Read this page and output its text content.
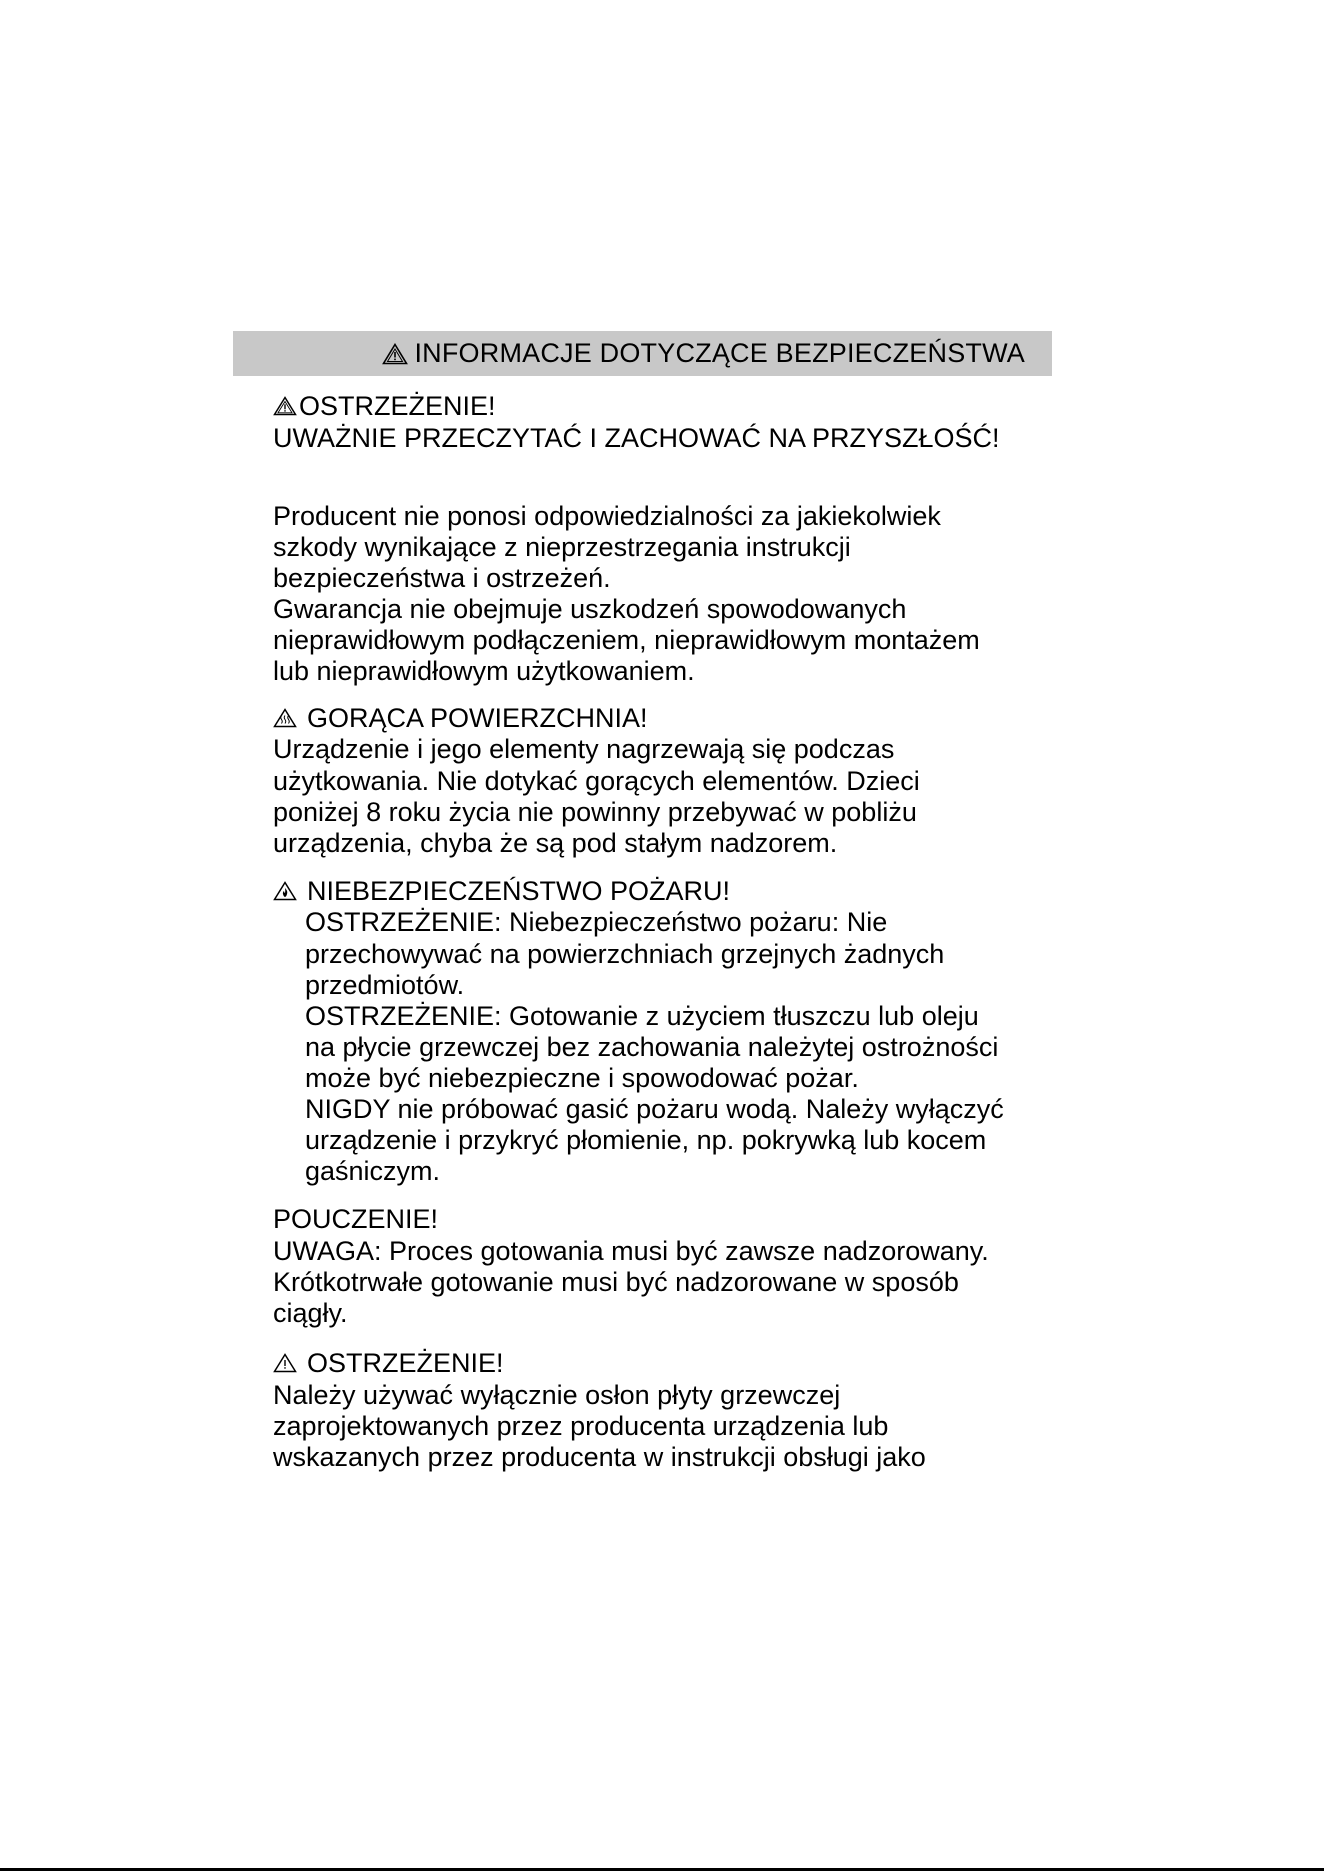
INFORMACJE DOTYCZĄCE BEZPIECZEŃSTWA
OSTRZEŻENIE!
UWAŻNIE PRZECZYTAĆ I ZACHOWAĆ NA PRZYSZŁOŚĆ!
Producent nie ponosi odpowiedzialności za jakiekolwiek
szkody wynikające z nieprzestrzegania instrukcji
bezpieczeństwa i ostrzeżeń.
Gwarancja nie obejmuje uszkodzeń spowodowanych
nieprawidłowym podłączeniem, nieprawidłowym montażem
lub nieprawidłowym użytkowaniem.
GORĄCA POWIERZCHNIA!
Urządzenie i jego elementy nagrzewają się podczas
użytkowania. Nie dotykać gorących elementów. Dzieci
poniżej 8 roku życia nie powinny przebywać w pobliżu
urządzenia, chyba że są pod stałym nadzorem.
NIEBEZPIECZEŃSTWO POŻARU!
OSTRZEŻENIE: Niebezpieczeństwo pożaru: Nie
przechowywać na powierzchniach grzejnych żadnych
przedmiotów.
OSTRZEŻENIE: Gotowanie z użyciem tłuszczu lub oleju
na płycie grzewczej bez zachowania należytej ostrożności
może być niebezpieczne i spowodować pożar.
NIGDY nie próbować gasić pożaru wodą. Należy wyłączyć
urządzenie i przykryć płomienie, np. pokrywką lub kocem
gaśniczym.
POUCZENIE!
UWAGA: Proces gotowania musi być zawsze nadzorowany.
Krótkotrwałe gotowanie musi być nadzorowane w sposób
ciągły.
OSTRZEŻENIE!
Należy używać wyłącznie osłon płyty grzewczej
zaprojektowanych przez producenta urządzenia lub
wskazanych przez producenta w instrukcji obsługi jako
